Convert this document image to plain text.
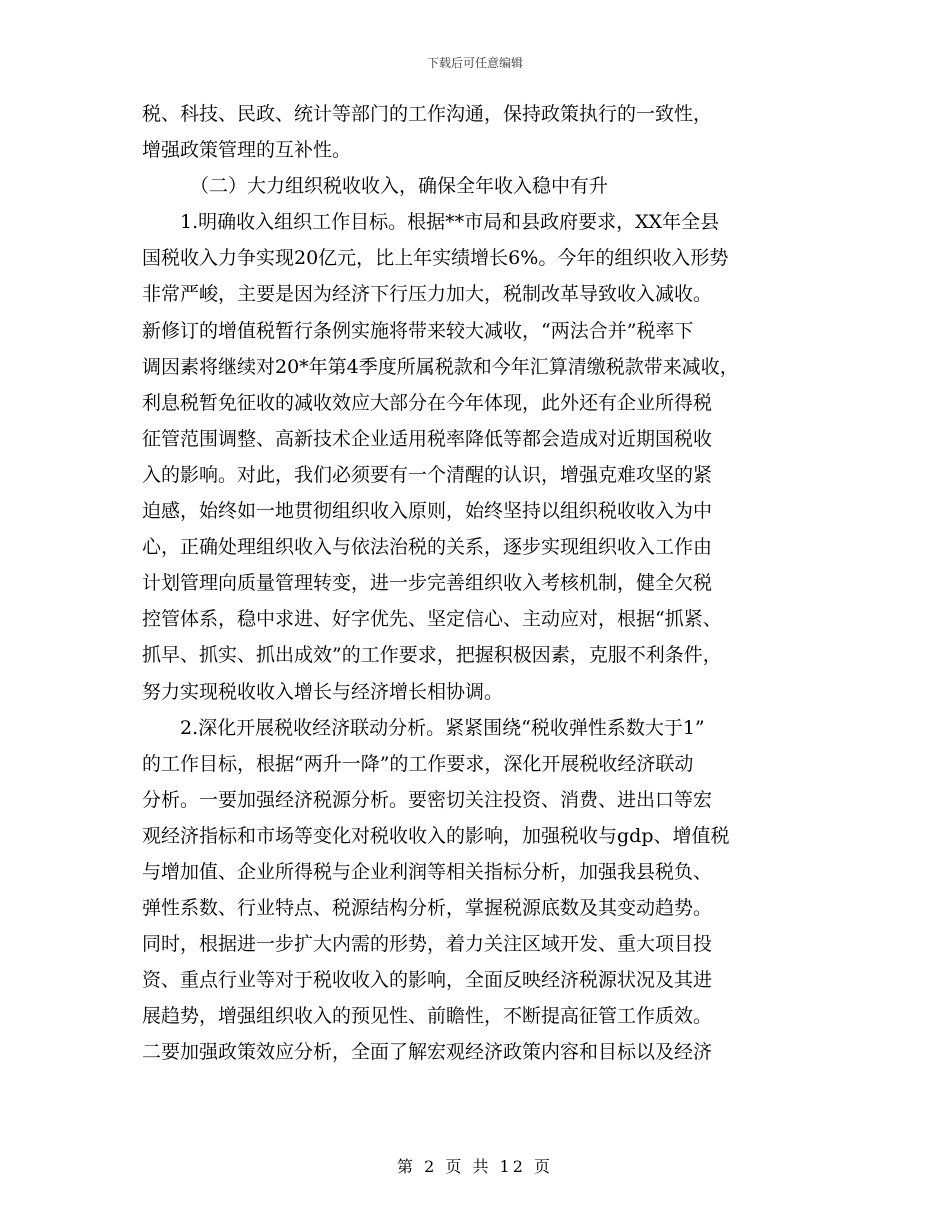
下载后可任意编辑
税、科技、民政、统计等部门的工作沟通，保持政策执行的一致性，
增强政策管理的互补性。
（二）大力组织税收收入，确保全年收入稳中有升
1.明确收入组织工作目标。根据**市局和县政府要求，XX年全县
国税收入力争实现20亿元，比上年实绩增长6%。今年的组织收入形势
非常严峻，主要是因为经济下行压力加大，税制改革导致收入减收。
新修订的增值税暂行条例实施将带来较大减收，“两法合并”税率下
调因素将继续对20*年第4季度所属税款和今年汇算清缴税款带来减收，
利息税暂免征收的减收效应大部分在今年体现，此外还有企业所得税
征管范围调整、高新技术企业适用税率降低等都会造成对近期国税收
入的影响。对此，我们必须要有一个清醒的认识，增强克难攻坚的紧
迫感，始终如一地贯彻组织收入原则，始终坚持以组织税收收入为中
心，正确处理组织收入与依法治税的关系，逐步实现组织收入工作由
计划管理向质量管理转变，进一步完善组织收入考核机制，健全欠税
控管体系，稳中求进、好字优先、坚定信心、主动应对，根据“抓紧、
抓早、抓实、抓出成效”的工作要求，把握积极因素，克服不利条件，
努力实现税收收入增长与经济增长相协调。
2.深化开展税收经济联动分析。紧紧围绕“税收弹性系数大于1”
的工作目标，根据“两升一降”的工作要求，深化开展税收经济联动
分析。一要加强经济税源分析。要密切关注投资、消费、进出口等宏
观经济指标和市场等变化对税收收入的影响，加强税收与gdp、增值税
与增加值、企业所得税与企业利润等相关指标分析，加强我县税负、
弹性系数、行业特点、税源结构分析，掌握税源底数及其变动趋势。
同时，根据进一步扩大内需的形势，着力关注区域开发、重大项目投
资、重点行业等对于税收收入的影响，全面反映经济税源状况及其进
展趋势，增强组织收入的预见性、前瞻性，不断提高征管工作质效。
二要加强政策效应分析，全面了解宏观经济政策内容和目标以及经济
第 2 页 共 12 页
